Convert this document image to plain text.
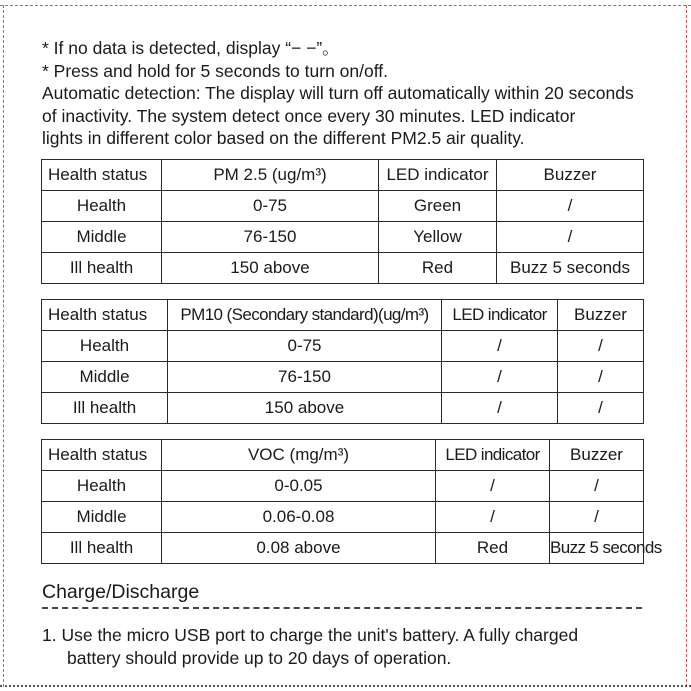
* If no data is detected, display “− −”。
* Press and hold for 5 seconds to turn on/off.
Automatic detection: The display will turn off automatically within 20 seconds
of inactivity. The system detect once every 30 minutes. LED indicator
lights in different color based on the different PM2.5 air quality.
Health status	PM 2.5 (ug/m³)	LED indicator	Buzzer
Health	0-75	Green	/
Middle	76-150	Yellow	/
Ill health	150 above	Red	Buzz 5 seconds
Health status	PM10 (Secondary standard)(ug/m³)	LED indicator	Buzzer
Health	0-75	/	/
Middle	76-150	/	/
Ill health	150 above	/	/
Health status	VOC (mg/m³)	LED indicator	Buzzer
Health	0-0.05	/	/
Middle	0.06-0.08	/	/
Ill health	0.08 above	Red	Buzz 5 seconds
Charge/Discharge
1. Use the micro USB port to charge the unit's battery. A fully charged
battery should provide up to 20 days of operation.
